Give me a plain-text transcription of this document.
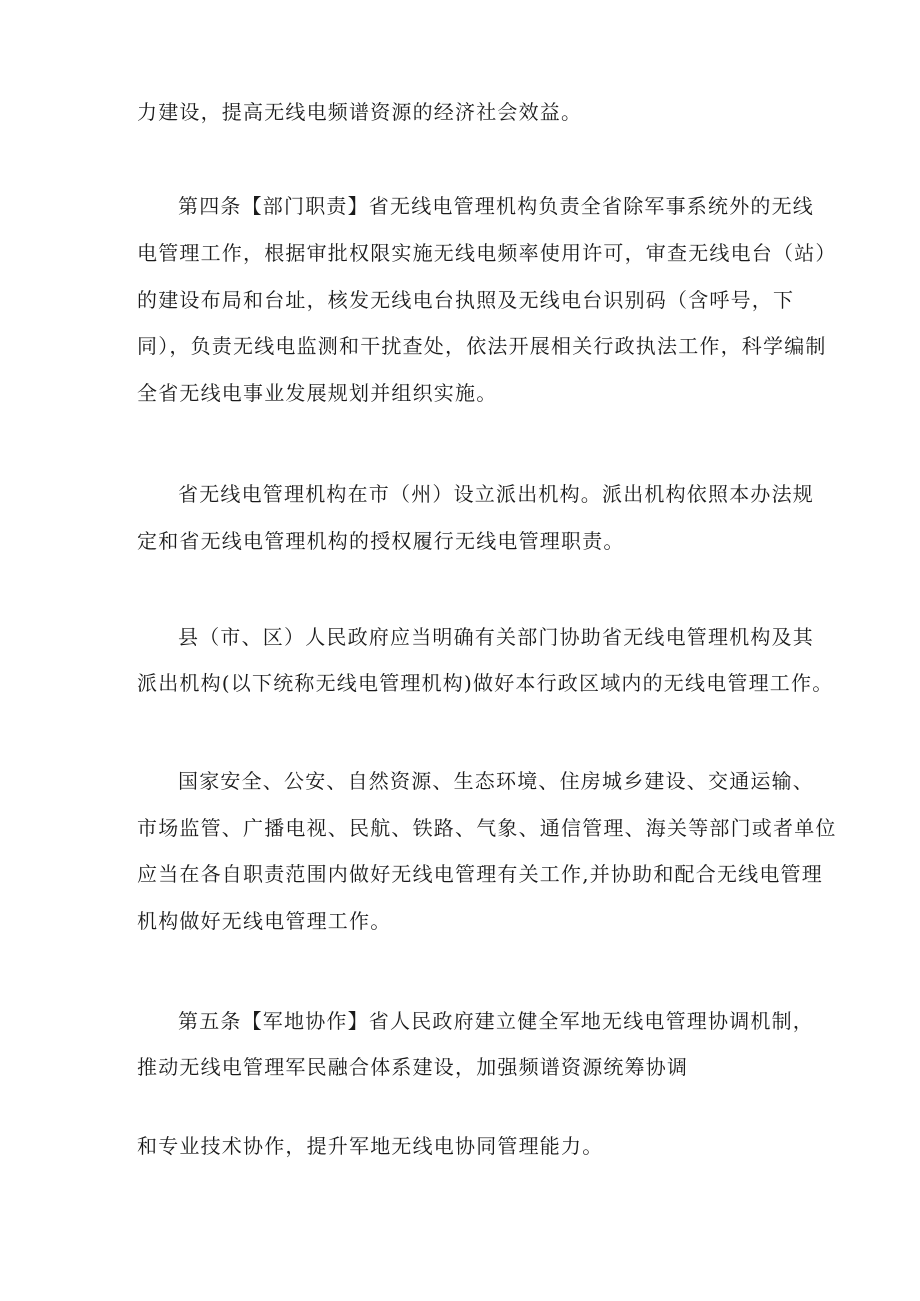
力建设，提高无线电频谱资源的经济社会效益。
第四条【部门职责】省无线电管理机构负责全省除军事系统外的无线
电管理工作，根据审批权限实施无线电频率使用许可，审查无线电台（站）
的建设布局和台址，核发无线电台执照及无线电台识别码（含呼号，下
同），负责无线电监测和干扰查处，依法开展相关行政执法工作，科学编制
全省无线电事业发展规划并组织实施。
省无线电管理机构在市（州）设立派出机构。派出机构依照本办法规
定和省无线电管理机构的授权履行无线电管理职责。
县（市、区）人民政府应当明确有关部门协助省无线电管理机构及其
派出机构(以下统称无线电管理机构)做好本行政区域内的无线电管理工作。
国家安全、公安、自然资源、生态环境、住房城乡建设、交通运输、
市场监管、广播电视、民航、铁路、气象、通信管理、海关等部门或者单位
应当在各自职责范围内做好无线电管理有关工作,并协助和配合无线电管理
机构做好无线电管理工作。
第五条【军地协作】省人民政府建立健全军地无线电管理协调机制，
推动无线电管理军民融合体系建设，加强频谱资源统筹协调
和专业技术协作，提升军地无线电协同管理能力。
